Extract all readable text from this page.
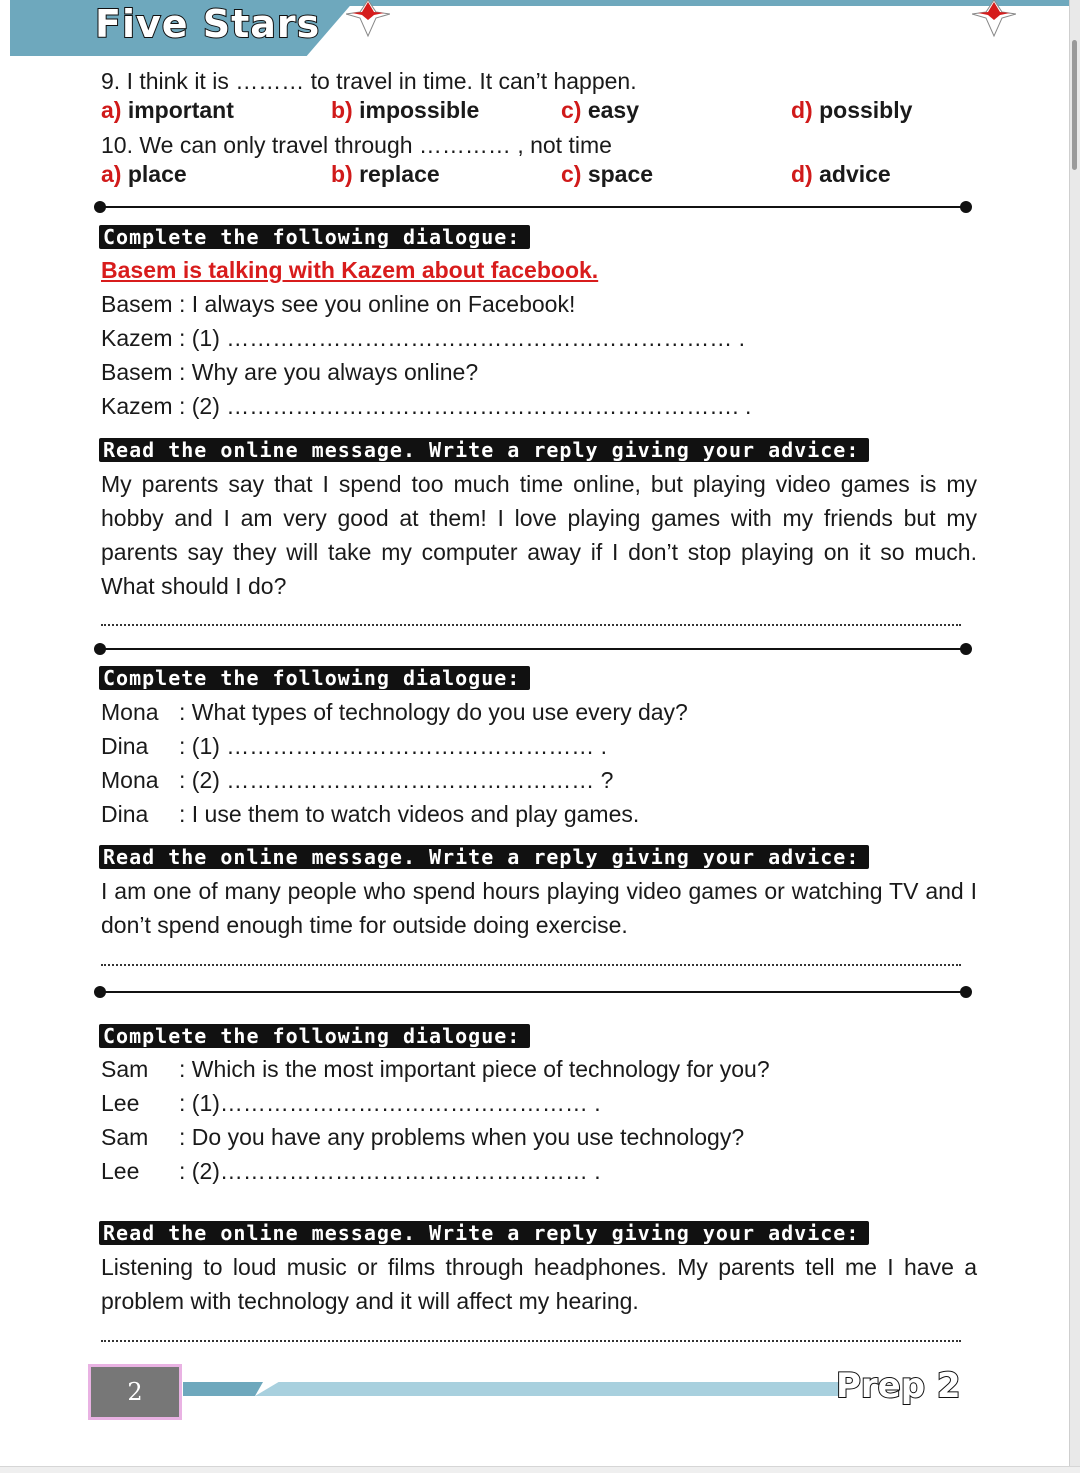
Five Stars
9. I think it is ……… to travel in time. It can’t happen.
a) important	b) impossible	c) easy	d) possibly
10. We can only travel through ………… , not time
a) place	b) replace	c) space	d) advice
Complete the following dialogue:
Basem is talking with Kazem about facebook.
Basem : I always see you online on Facebook!
Kazem : (1) ………………………………………………………… .
Basem : Why are you always online?
Kazem : (2) …………………………………………………………. .
Read the online message. Write a reply giving your advice:
My parents say that I spend too much time online, but playing video games is my hobby and I am very good at them! I love playing games with my friends but my parents say they will take my computer away if I don’t stop playing on it so much. What should I do?
Complete the following dialogue:
Mona : What types of technology do you use every day?
Dina : (1) ………………………………………… .
Mona : (2) ………………………………………… ?
Dina : I use them to watch videos and play games.
Read the online message. Write a reply giving your advice:
I am one of many people who spend hours playing video games or watching TV and I don’t spend enough time for outside doing exercise.
Complete the following dialogue:
Sam : Which is the most important piece of technology for you?
Lee : (1)………………………………………… .
Sam : Do you have any problems when you use technology?
Lee : (2)………………………………………… .
Read the online message. Write a reply giving your advice:
Listening to loud music or films through headphones. My parents tell me I have a problem with technology and it will affect my hearing.
2	Prep 2
